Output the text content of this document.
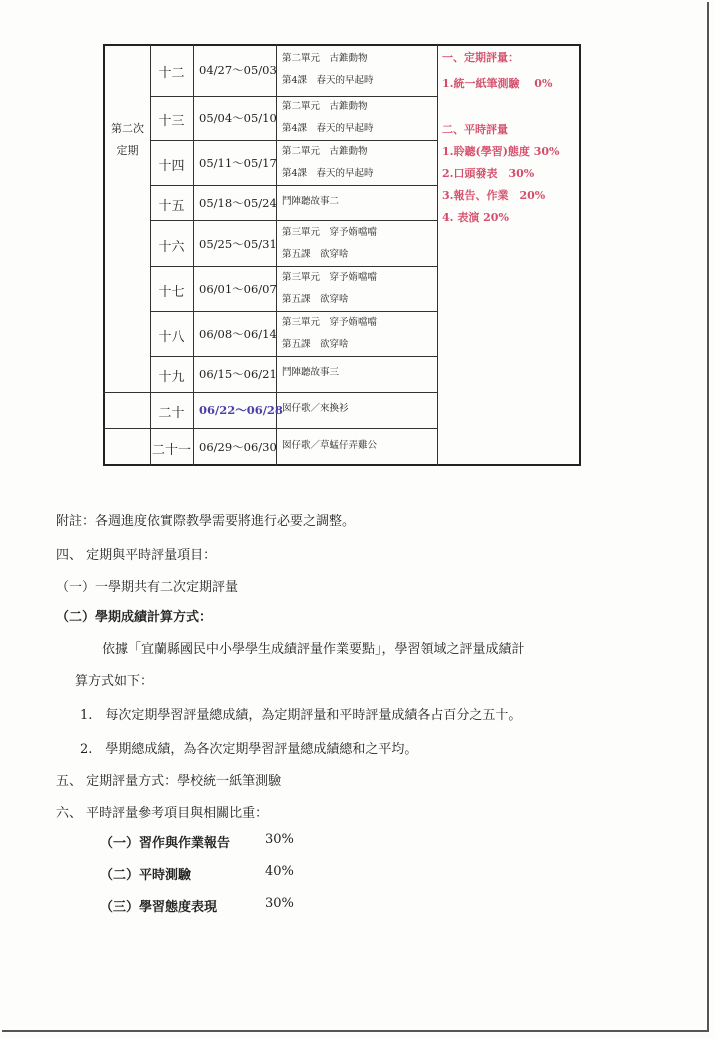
第二次
定期
十二	04/27～05/03
第二單元　古錐動物
第4課　春天的早起時
十三	05/04～05/10
第二單元　古錐動物
第4課　春天的早起時
十四	05/11～05/17
第二單元　古錐動物
第4課　春天的早起時
十五	05/18～05/24 鬥陣聽故事二
十六	05/25～05/31
第三單元　穿予媠噹噹
第五課　欲穿啥
十七	06/01～06/07
第三單元　穿予媠噹噹
第五課　欲穿啥
十八	06/08～06/14
第三單元　穿予媠噹噹
第五課　欲穿啥
十九	06/15～06/21 鬥陣聽故事三
二十	06/22～06/28 囡仔歌／來換衫
二十一 06/29～06/30 囡仔歌／草蜢仔弄雞公
一、定期評量：
1.統一紙筆測驗　 0%
二、平時評量
1.聆聽(學習)態度 30%
2.口頭發表　30%
3.報告、作業　20%
4. 表演 20%
附註：各週進度依實際教學需要將進行必要之調整。
四、 定期與平時評量項目：
（一）一學期共有二次定期評量
（二）學期成績計算方式：
依據「宜蘭縣國民中小學學生成績評量作業要點」，學習領域之評量成績計
算方式如下：
1.　每次定期學習評量總成績，為定期評量和平時評量成績各占百分之五十。
2.　學期總成績，為各次定期學習評量總成績總和之平均。
五、 定期評量方式：學校統一紙筆測驗
六、 平時評量參考項目與相關比重：
（一）習作與作業報告	30%
（二）平時測驗	40%
（三）學習態度表現	30%
